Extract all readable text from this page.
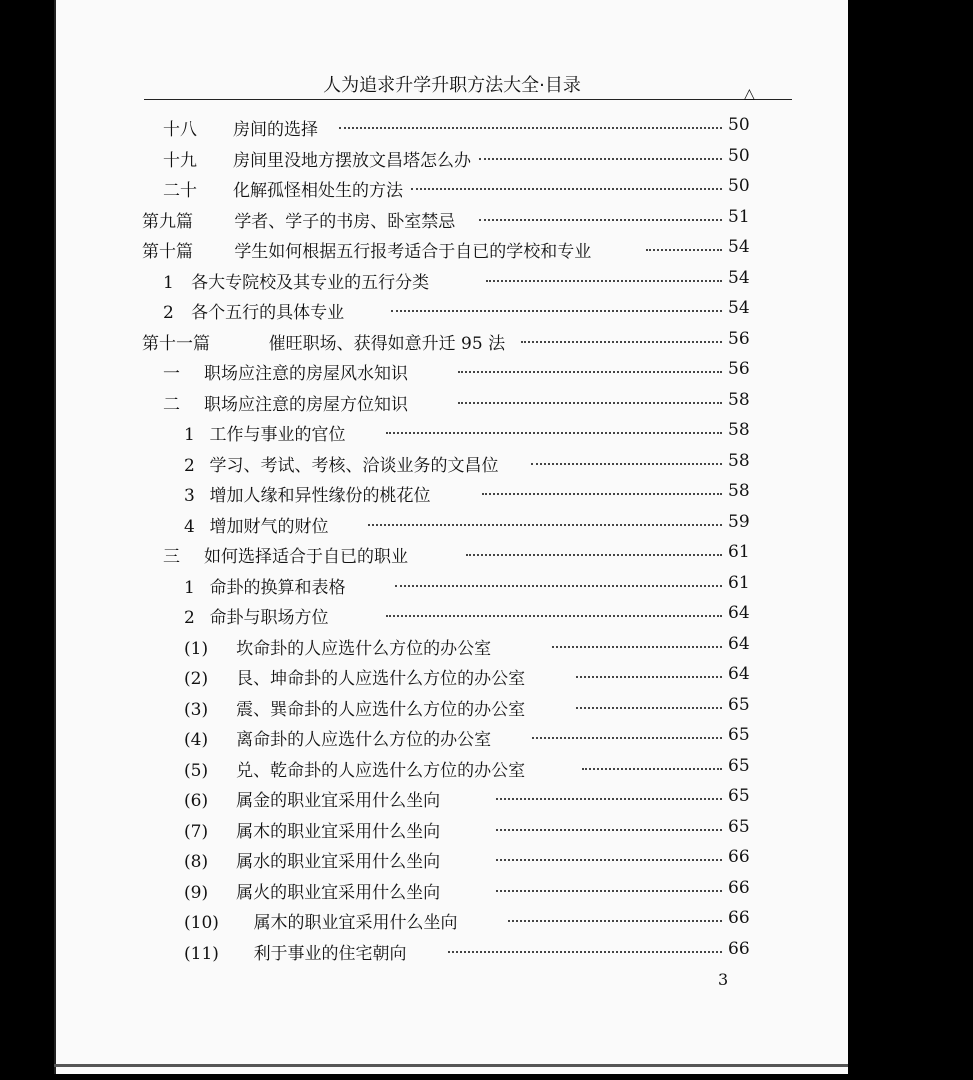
人为追求升学升职方法大全·目录	△
十八 房间的选择	50
十九 房间里没地方摆放文昌塔怎么办	50
二十 化解孤怪相处生的方法	50
第九篇 学者、学子的书房、卧室禁忌	51
第十篇 学生如何根据五行报考适合于自已的学校和专业	54
1 各大专院校及其专业的五行分类	54
2 各个五行的具体专业	54
第十一篇	催旺职场、获得如意升迁 95 法	56
一 职场应注意的房屋风水知识	56
二 职场应注意的房屋方位知识	58
1 工作与事业的官位	58
2 学习、考试、考核、洽谈业务的文昌位	58
3 增加人缘和异性缘份的桃花位	58
4 增加财气的财位	59
三 如何选择适合于自已的职业	61
1 命卦的换算和表格	61
2 命卦与职场方位	64
(1) 坎命卦的人应选什么方位的办公室	64
(2) 艮、坤命卦的人应选什么方位的办公室	64
(3) 震、巽命卦的人应选什么方位的办公室	65
(4) 离命卦的人应选什么方位的办公室	65
(5) 兑、乾命卦的人应选什么方位的办公室	65
(6) 属金的职业宜采用什么坐向	65
(7) 属木的职业宜采用什么坐向	65
(8) 属水的职业宜采用什么坐向	66
(9) 属火的职业宜采用什么坐向	66
(10) 属木的职业宜采用什么坐向	66
(11) 利于事业的住宅朝向	66
3
